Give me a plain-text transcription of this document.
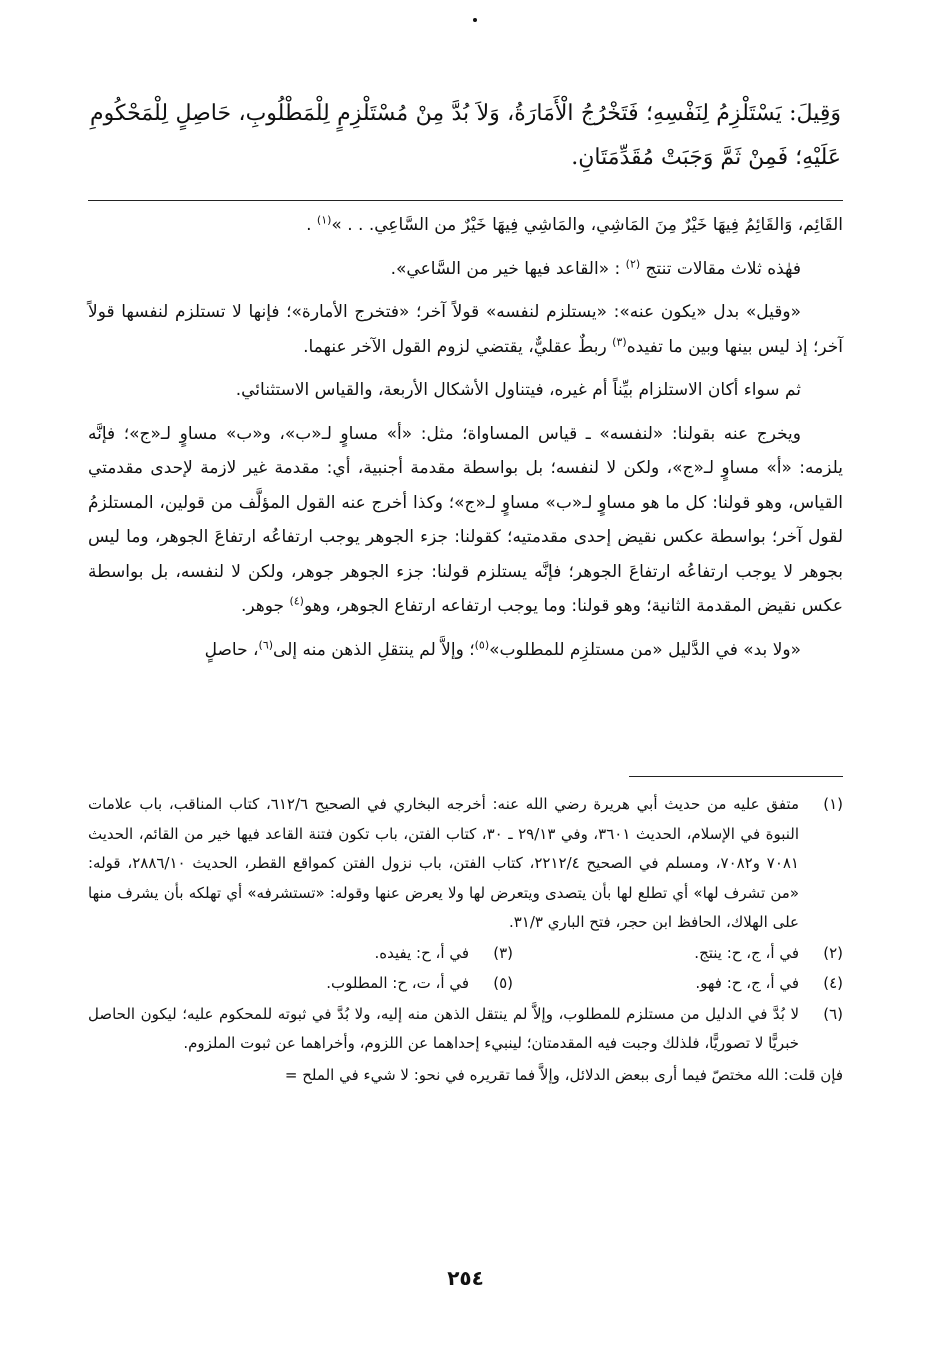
وَقِيلَ: يَسْتَلْزِمُ لِنَفْسِهِ؛ فَتَخْرُجُ الْأَمَارَةُ، وَلاَ بُدَّ مِنْ مُسْتَلْزِمٍ لِلْمَطْلُوبِ، حَاصِلٍ لِلْمَحْكُومِ عَلَيْهِ؛ فَمِنْ ثَمَّ وَجَبَتْ مُقَدِّمَتَانِ.

القَائِم، وَالقَائِمُ فِيهَا خَيْرٌ مِنَ المَاشِي، والمَاشِي فِيهَا خَيْرٌ من السَّاعِي. . . »$^{(١)}$ .

فهٰذه ثلاث مقالات تنتج $^{(٢)}$ : «القاعد فيها خير من السَّاعي».

«وقيل» بدل «يكون عنه»: «يستلزم لنفسه» قولاً آخر؛ «فتخرج الأمارة»؛ فإنها لا تستلزم لنفسها قولاً آخر؛ إذ ليس بينها وبين ما تفيده$^{(٣)}$ ربطٌ عقليٌّ، يقتضي لزوم القول الآخر عنهما.

ثم سواء أكان الاستلزام بيِّناً أم غيره، فيتناول الأشكال الأربعة، والقياس الاستثنائي.

ويخرج عنه بقولنا: «لنفسه» ـ قياس المساواة؛ مثل: «أ» مساوٍ لـ«ب»، و«ب» مساوٍ لـ«ج»؛ فإنَّه يلزمه: «أ» مساوٍ لـ«ج»، ولكن لا لنفسه؛ بل بواسطة مقدمة أجنبية، أي: مقدمة غير لازمة لإحدى مقدمتي القياس، وهو قولنا: كل ما هو مساوٍ لـ«ب» مساوٍ لـ«ج»؛ وكذا أخرج عنه القول المؤلَّف من قولين، المستلزمُ لقول آخر؛ بواسطة عكس نقيض إحدى مقدمتيه؛ كقولنا: جزء الجوهر يوجب ارتفاعُه ارتفاعَ الجوهر، وما ليس بجوهر لا يوجب ارتفاعُه ارتفاعَ الجوهر؛ فإنَّه يستلزم قولنا: جزء الجوهر جوهر، ولكن لا لنفسه، بل بواسطة عكس نقيض المقدمة الثانية؛ وهو قولنا: وما يوجب ارتفاعه ارتفاع الجوهر، وهو$^{(٤)}$ جوهر.

«ولا بد» في الدَّليل «من مستلزِم للمطلوب»$^{(٥)}$؛ وإلاَّ لم ينتقلِ الذهن منه إلى$^{(٦)}$، حاصلٍ

(١)
متفق عليه من حديث أبي هريرة رضي الله عنه: أخرجه البخاري في الصحيح ٦١٢/٦، كتاب المناقب، باب علامات النبوة في الإسلام، الحديث ٣٦٠١، وفي ٢٩/١٣ ـ ٣٠، كتاب الفتن، باب تكون فتنة القاعد فيها خير من القائم، الحديث ٧٠٨١ و٧٠٨٢، ومسلم في الصحيح ٢٢١٢/٤، كتاب الفتن، باب نزول الفتن كمواقع القطر، الحديث ٢٨٨٦/١٠، قوله: «من تشرف لها» أي تطلع لها بأن يتصدى ويتعرض لها ولا يعرض عنها وقوله: «تستشرفه» أي تهلكه بأن يشرف منها على الهلاك، الحافظ ابن حجر، فتح الباري ٣١/٣.
(٢)
في أ، ج، ح: ينتج.
(٣)
في أ، ح: يفيده.
(٤)
في أ، ج، ح: فهو.
(٥)
في أ، ت، ح: المطلوب.
(٦)
لا بُدَّ في الدليل من مستلزم للمطلوب، وإلاَّ لم ينتقل الذهن منه إليه، ولا بُدَّ في ثبوته للمحكوم عليه؛ ليكون الحاصل خبريًّا لا تصوريًّا، فلذلك وجبت فيه المقدمتان؛ لينبيء إحداهما عن اللزوم، وأخراهما عن ثبوت الملزوم.
فإن قلت: الله مختصّ فيما أرى ببعض الدلائل، وإلاَّ فما تقريره في نحو: لا شيء في الملح =
٢٥٤
